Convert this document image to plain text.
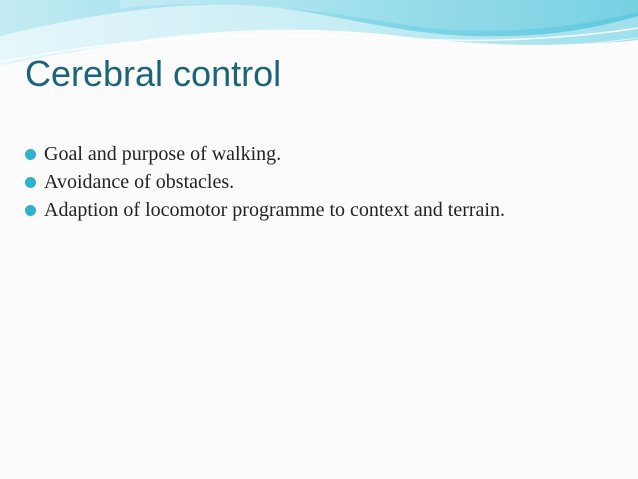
Cerebral control
Goal and purpose of walking.
Avoidance of obstacles.
Adaption of locomotor programme to context and terrain.
